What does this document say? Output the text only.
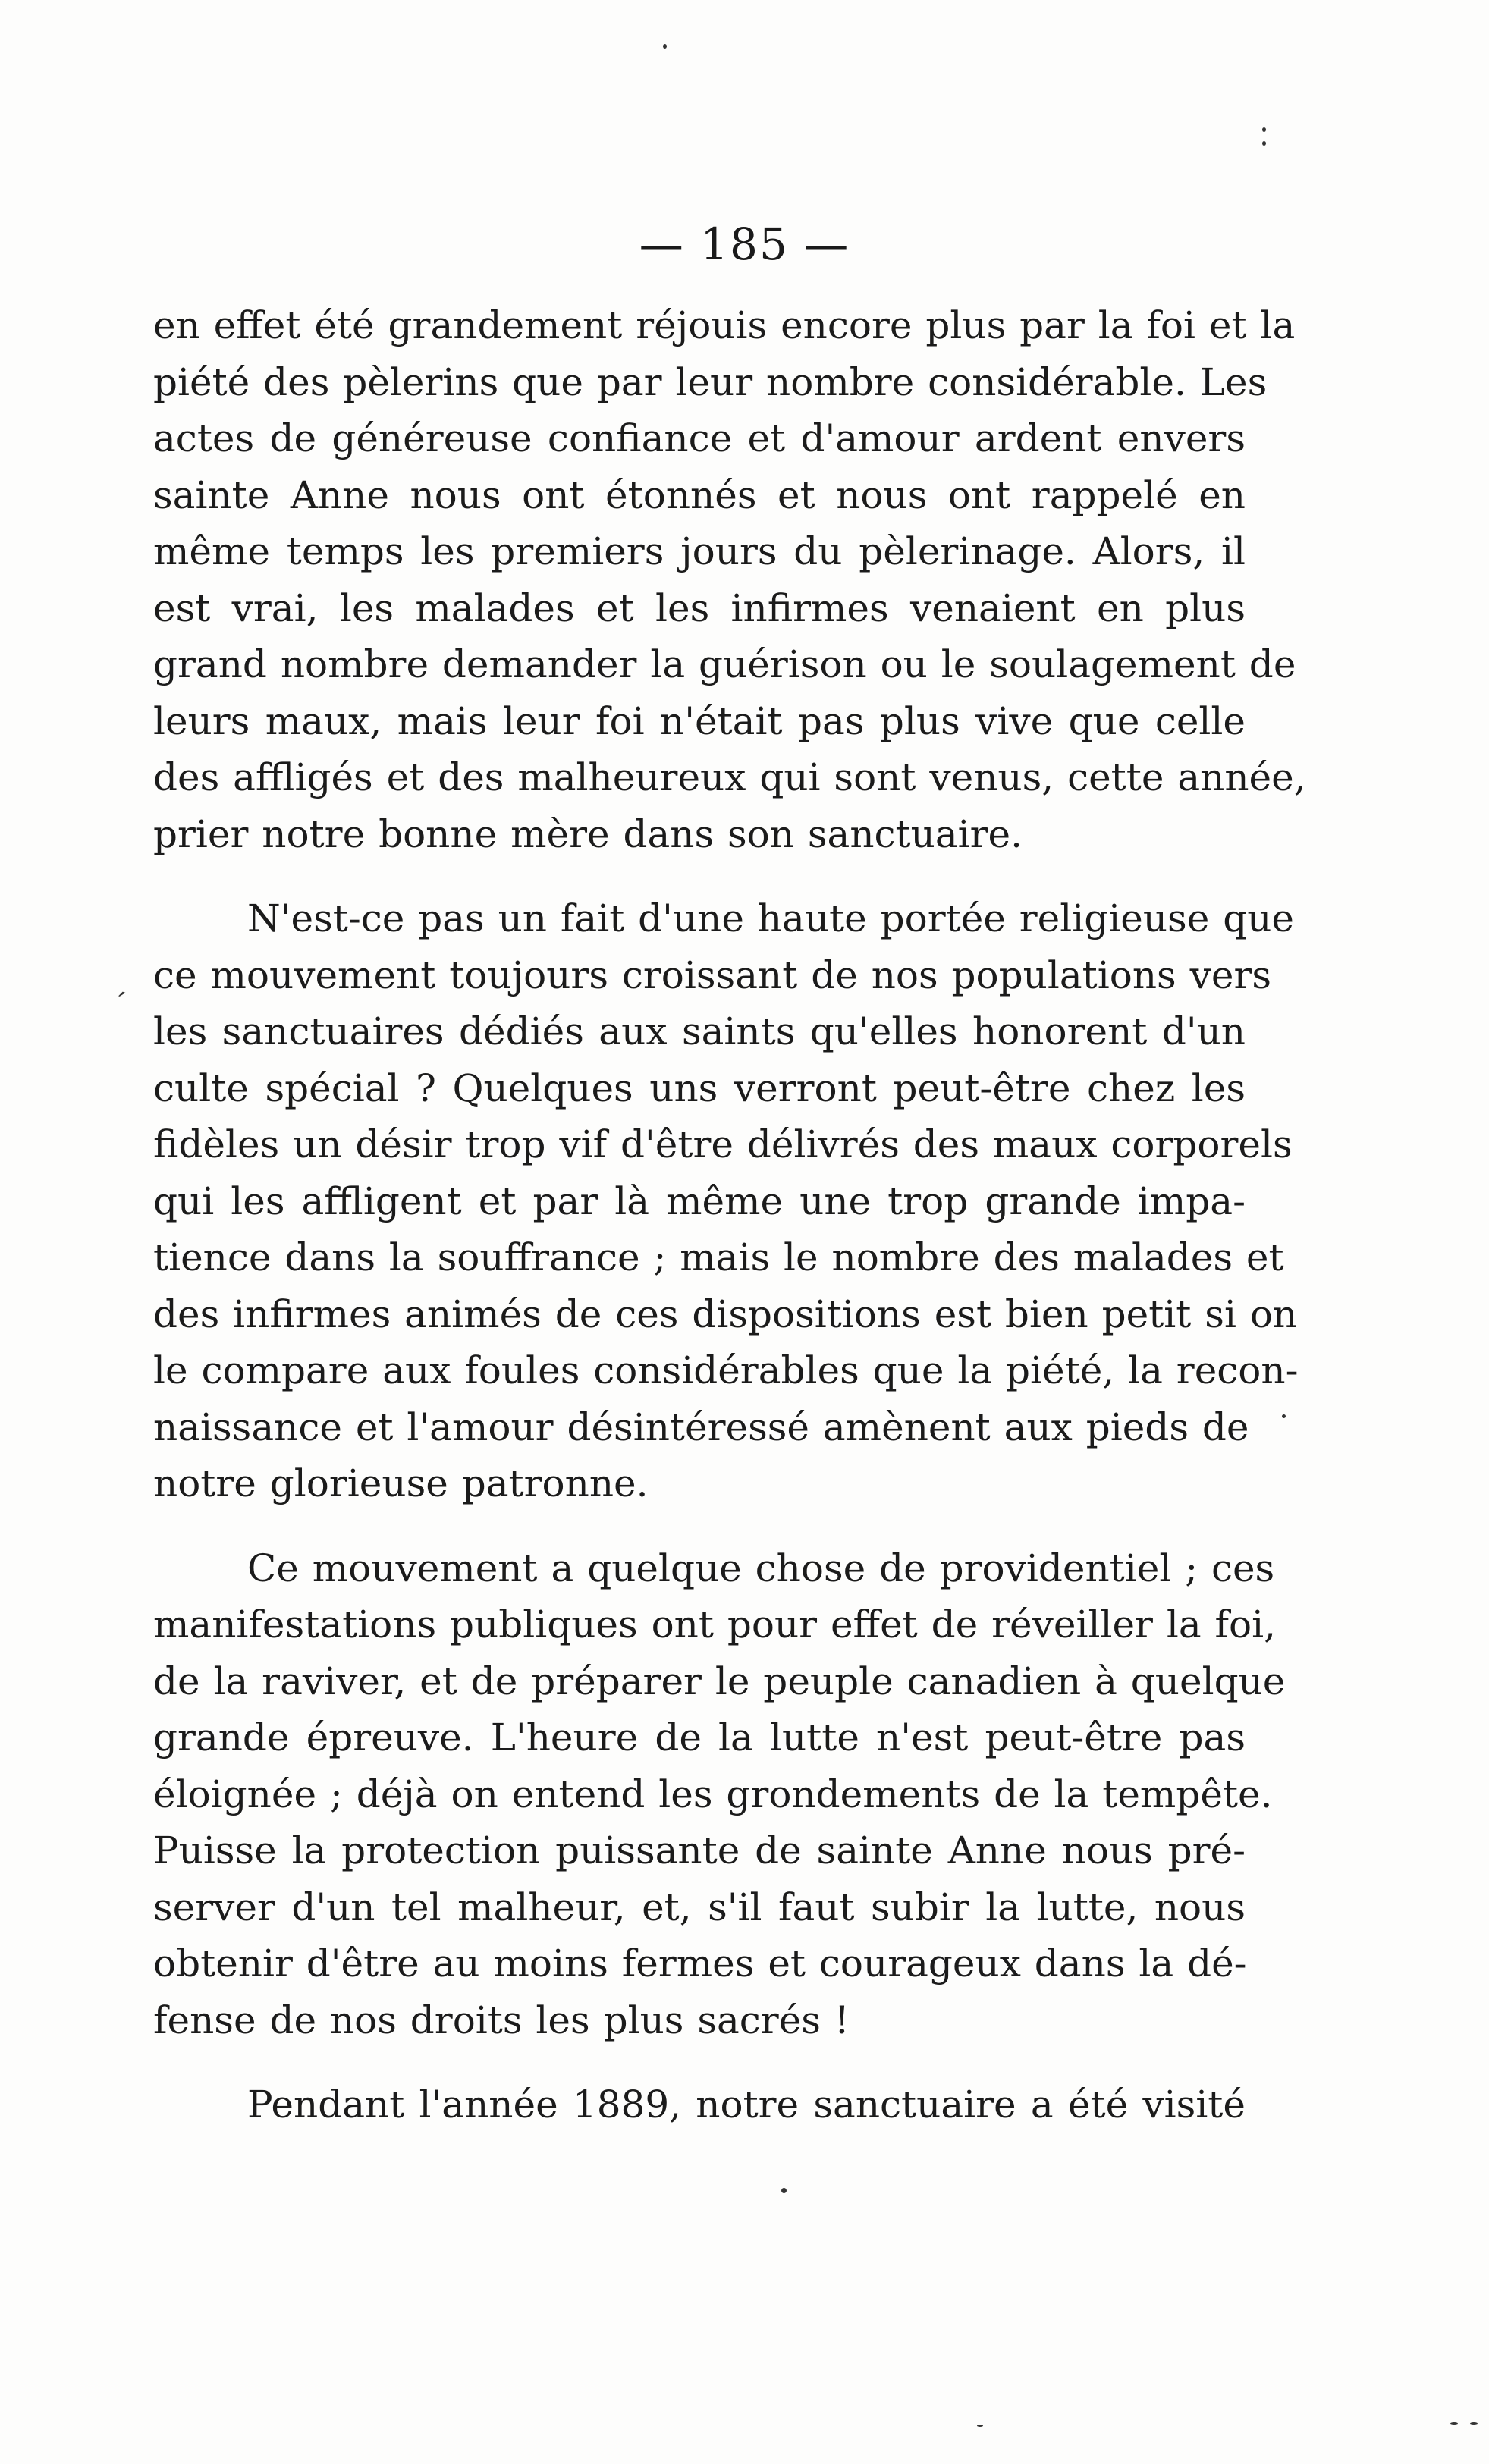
— 185 —
en effet été grandement réjouis encore plus par la foi et la
piété des pèlerins que par leur nombre considérable. Les
actes de généreuse confiance et d'amour ardent envers
sainte Anne nous ont étonnés et nous ont rappelé en
même temps les premiers jours du pèlerinage. Alors, il
est vrai, les malades et les infirmes venaient en plus
grand nombre demander la guérison ou le soulagement de
leurs maux, mais leur foi n'était pas plus vive que celle
des affligés et des malheureux qui sont venus, cette année,
prier notre bonne mère dans son sanctuaire.
N'est-ce pas un fait d'une haute portée religieuse que
ce mouvement toujours croissant de nos populations vers
les sanctuaires dédiés aux saints qu'elles honorent d'un
culte spécial ? Quelques uns verront peut-être chez les
fidèles un désir trop vif d'être délivrés des maux corporels
qui les affligent et par là même une trop grande impa-
tience dans la souffrance ; mais le nombre des malades et
des infirmes animés de ces dispositions est bien petit si on
le compare aux foules considérables que la piété, la recon-
naissance et l'amour désintéressé amènent aux pieds de
notre glorieuse patronne.
Ce mouvement a quelque chose de providentiel ; ces
manifestations publiques ont pour effet de réveiller la foi,
de la raviver, et de préparer le peuple canadien à quelque
grande épreuve. L'heure de la lutte n'est peut-être pas
éloignée ; déjà on entend les grondements de la tempête.
Puisse la protection puissante de sainte Anne nous pré-
server d'un tel malheur, et, s'il faut subir la lutte, nous
obtenir d'être au moins fermes et courageux dans la dé-
fense de nos droits les plus sacrés !
Pendant l'année 1889, notre sanctuaire a été visité
′
